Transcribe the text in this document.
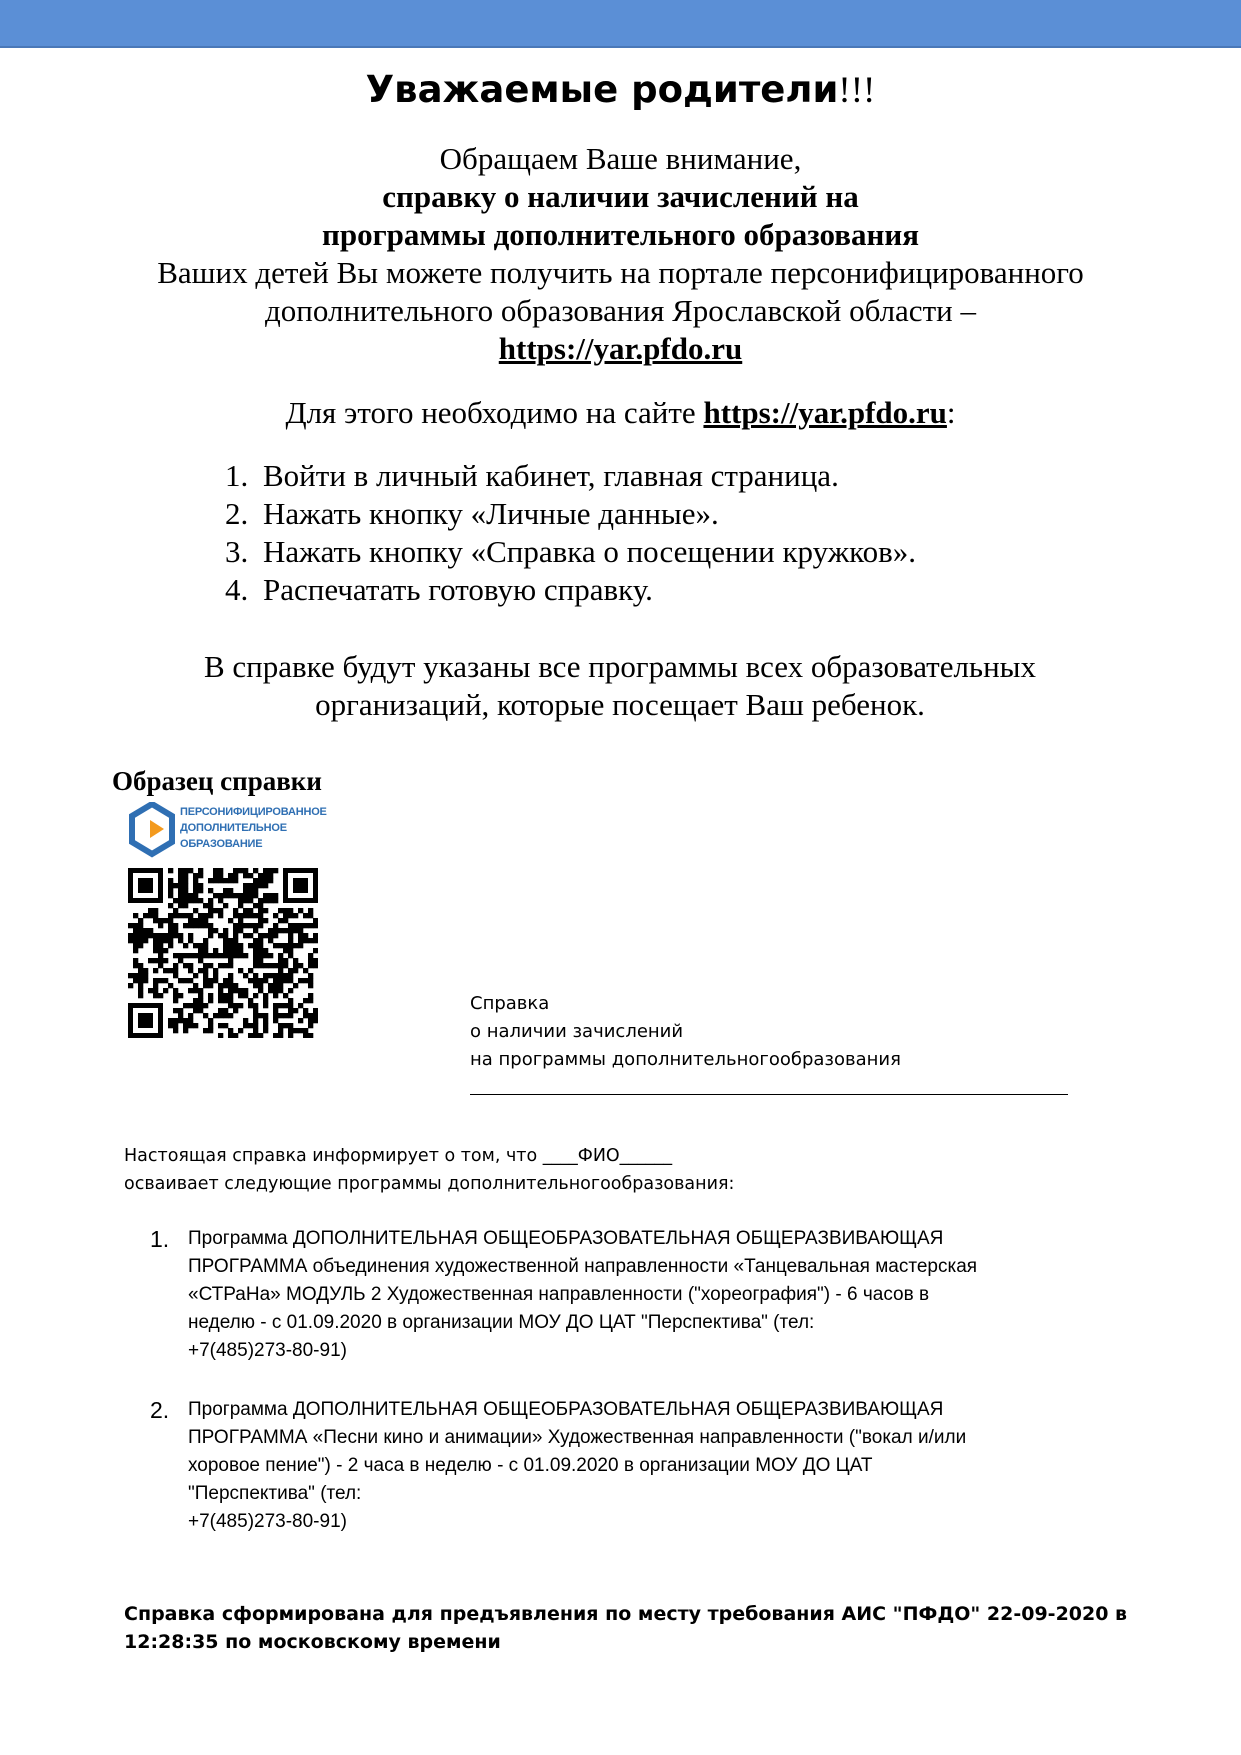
Уважаемые родители!!!
Обращаем Ваше внимание,
справку о наличии зачислений на
программы дополнительного образования
Ваших детей Вы можете получить на портале персонифицированного
дополнительного образования Ярославской области –
https://yar.pfdo.ru
Для этого необходимо на сайте https://yar.pfdo.ru:
1. Войти в личный кабинет, главная страница.
2. Нажать кнопку «Личные данные».
3. Нажать кнопку «Справка о посещении кружков».
4. Распечатать готовую справку.
В справке будут указаны все программы всех образовательных
организаций, которые посещает Ваш ребенок.
Образец справки
ПЕРСОНИФИЦИРОВАННОЕ
ДОПОЛНИТЕЛЬНОЕ
ОБРАЗОВАНИЕ
Справка
о наличии зачислений
на программы дополнительногообразования
Настоящая справка информирует о том, что ____ФИО______
осваивает следующие программы дополнительногообразования:
1. Программа ДОПОЛНИТЕЛЬНАЯ ОБЩЕОБРАЗОВАТЕЛЬНАЯ ОБЩЕРАЗВИВАЮЩАЯ
ПРОГРАММА объединения художественной направленности «Танцевальная мастерская
«СТРаНа» МОДУЛЬ 2 Художественная направленности ("хореография") - 6 часов в
неделю - с 01.09.2020 в организации МОУ ДО ЦАТ "Перспектива" (тел:
+7(485)273-80-91)
2. Программа ДОПОЛНИТЕЛЬНАЯ ОБЩЕОБРАЗОВАТЕЛЬНАЯ ОБЩЕРАЗВИВАЮЩАЯ
ПРОГРАММА «Песни кино и анимации» Художественная направленности ("вокал и/или
хоровое пение") - 2 часа в неделю - с 01.09.2020 в организации МОУ ДО ЦАТ
"Перспектива" (тел:
+7(485)273-80-91)
Справка сформирована для предъявления по месту требования АИС "ПФДО" 22-09-2020 в
12:28:35 по московскому времени
